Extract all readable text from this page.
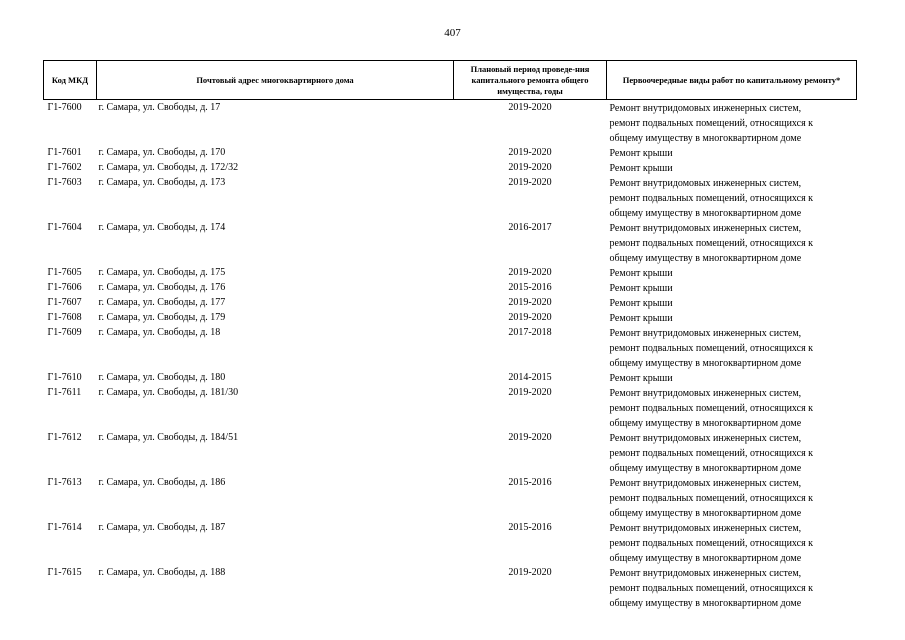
407
Код МКД	Почтовый адрес многоквартирного дома	Плановый период проведе-ния капитального ремонта общего имущества, годы	Первоочередные виды работ по капитальному ремонту*
Г1-7600	г. Самара, ул. Свободы, д. 17	2019-2020	Ремонт внутридомовых инженерных систем,
ремонт подвальных помещений, относящихся к
общему имуществу в многоквартирном доме

Г1-7601	г. Самара, ул. Свободы, д. 170	2019-2020	Ремонт крыши

Г1-7602	г. Самара, ул. Свободы, д. 172/32	2019-2020	Ремонт крыши

Г1-7603	г. Самара, ул. Свободы, д. 173	2019-2020	Ремонт внутридомовых инженерных систем,
ремонт подвальных помещений, относящихся к
общему имуществу в многоквартирном доме

Г1-7604	г. Самара, ул. Свободы, д. 174	2016-2017	Ремонт внутридомовых инженерных систем,
ремонт подвальных помещений, относящихся к
общему имуществу в многоквартирном доме

Г1-7605	г. Самара, ул. Свободы, д. 175	2019-2020	Ремонт крыши

Г1-7606	г. Самара, ул. Свободы, д. 176	2015-2016	Ремонт крыши

Г1-7607	г. Самара, ул. Свободы, д. 177	2019-2020	Ремонт крыши

Г1-7608	г. Самара, ул. Свободы, д. 179	2019-2020	Ремонт крыши

Г1-7609	г. Самара, ул. Свободы, д. 18	2017-2018	Ремонт внутридомовых инженерных систем,
ремонт подвальных помещений, относящихся к
общему имуществу в многоквартирном доме

Г1-7610	г. Самара, ул. Свободы, д. 180	2014-2015	Ремонт крыши

Г1-7611	г. Самара, ул. Свободы, д. 181/30	2019-2020	Ремонт внутридомовых инженерных систем,
ремонт подвальных помещений, относящихся к
общему имуществу в многоквартирном доме

Г1-7612	г. Самара, ул. Свободы, д. 184/51	2019-2020	Ремонт внутридомовых инженерных систем,
ремонт подвальных помещений, относящихся к
общему имуществу в многоквартирном доме

Г1-7613	г. Самара, ул. Свободы, д. 186	2015-2016	Ремонт внутридомовых инженерных систем,
ремонт подвальных помещений, относящихся к
общему имуществу в многоквартирном доме

Г1-7614	г. Самара, ул. Свободы, д. 187	2015-2016	Ремонт внутридомовых инженерных систем,
ремонт подвальных помещений, относящихся к
общему имуществу в многоквартирном доме

Г1-7615	г. Самара, ул. Свободы, д. 188	2019-2020	Ремонт внутридомовых инженерных систем,
ремонт подвальных помещений, относящихся к
общему имуществу в многоквартирном доме
